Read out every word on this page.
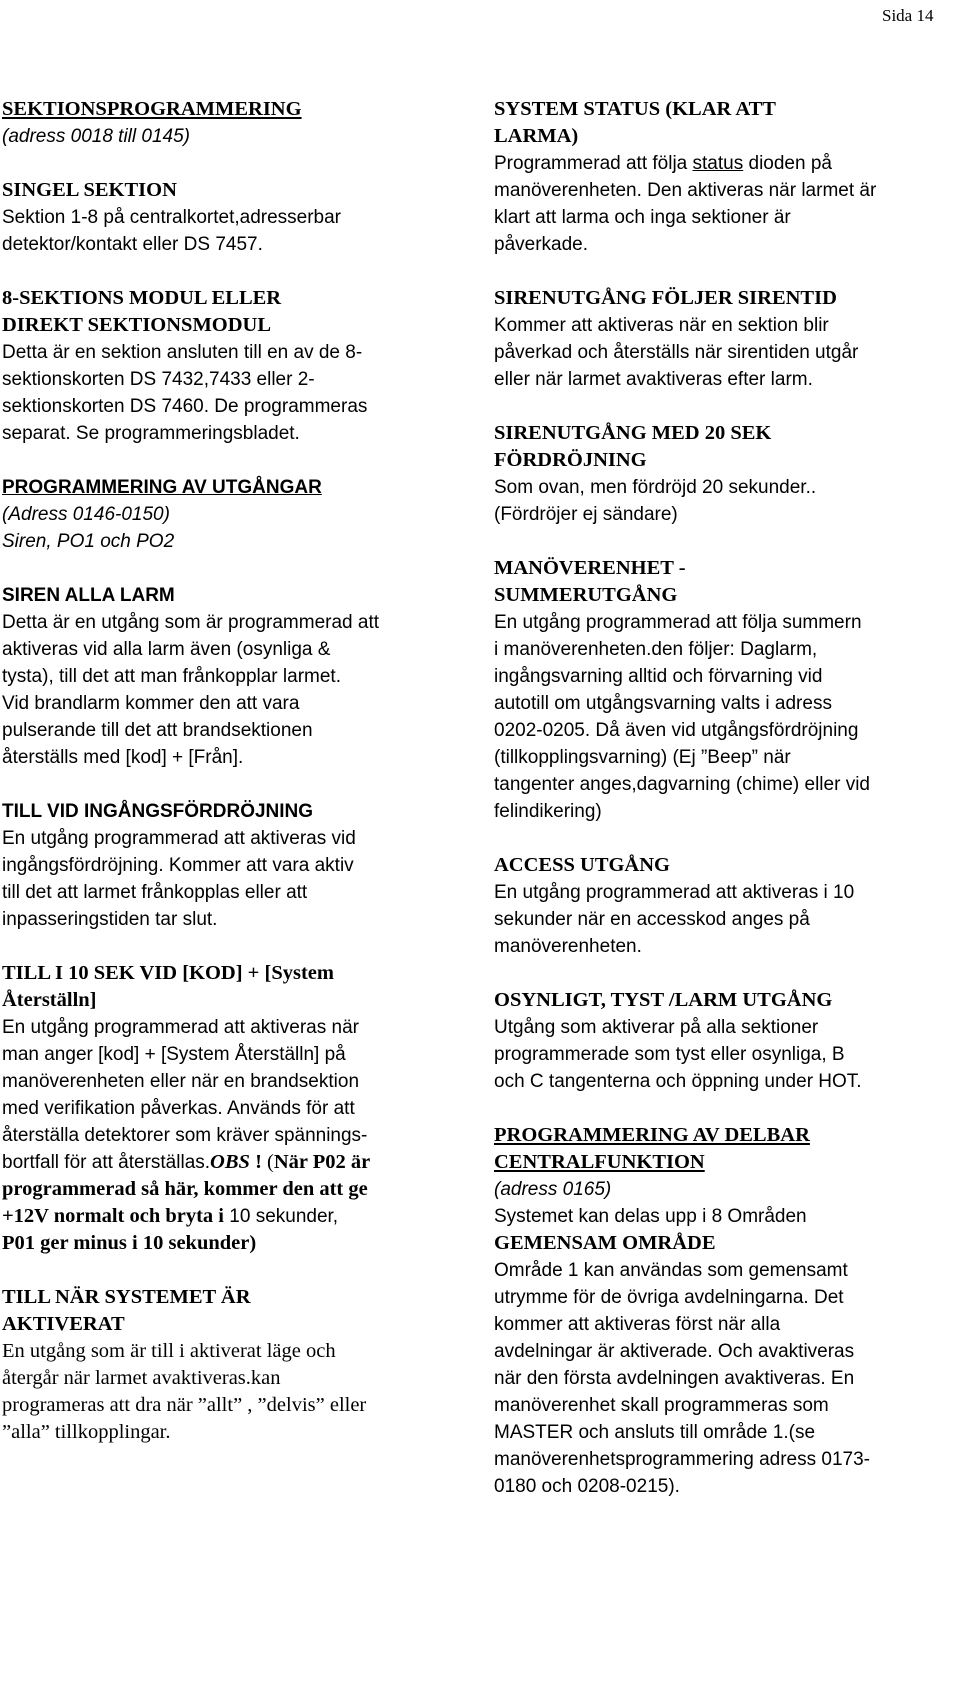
Sida 14
SEKTIONSPROGRAMMERING
(adress 0018 till 0145)
SINGEL SEKTION
Sektion 1-8 på centralkortet,adresserbar
detektor/kontakt eller DS 7457.
8-SEKTIONS MODUL ELLER
DIREKT SEKTIONSMODUL
Detta är en sektion ansluten till en av de 8-
sektionskorten DS 7432,7433 eller 2-
sektionskorten DS 7460. De programmeras
separat. Se programmeringsbladet.
PROGRAMMERING AV UTGÅNGAR
(Adress 0146-0150)
Siren, PO1 och PO2
SIREN ALLA LARM
Detta är en utgång som är programmerad att
aktiveras vid alla larm även (osynliga &
tysta), till det att man frånkopplar larmet.
Vid brandlarm kommer den att vara
pulserande till det att brandsektionen
återställs med [kod] + [Från].
TILL VID INGÅNGSFÖRDRÖJNING
En utgång programmerad att aktiveras vid
ingångsfördröjning. Kommer att vara aktiv
till det att larmet frånkopplas eller att
inpasseringstiden tar slut.
TILL I 10 SEK VID [KOD] + [System
Återställn]
En utgång programmerad att aktiveras när
man anger [kod] + [System Återställn] på
manöverenheten eller när en brandsektion
med verifikation påverkas. Används för att
återställa detektorer som kräver spännings-
bortfall för att återställas.OBS ! (När P02 är
programmerad så här, kommer den att ge
+12V normalt och bryta i 10 sekunder,
P01 ger minus i 10 sekunder)
TILL NÄR SYSTEMET ÄR
AKTIVERAT
En utgång som är till i aktiverat läge och
återgår när larmet avaktiveras.kan
programeras att dra när ”allt” , ”delvis” eller
”alla” tillkopplingar.
SYSTEM STATUS (KLAR ATT
LARMA)
Programmerad att följa status dioden på
manöverenheten. Den aktiveras när larmet är
klart att larma och inga sektioner är
påverkade.
SIRENUTGÅNG FÖLJER SIRENTID
Kommer att aktiveras när en sektion blir
påverkad och återställs när sirentiden utgår
eller när larmet avaktiveras efter larm.
SIRENUTGÅNG MED 20 SEK
FÖRDRÖJNING
Som ovan, men fördröjd 20 sekunder..
(Fördröjer ej sändare)
MANÖVERENHET -
SUMMERUTGÅNG
En utgång programmerad att följa summern
i manöverenheten.den följer: Daglarm,
ingångsvarning alltid och förvarning vid
autotill om utgångsvarning valts i adress
0202-0205. Då även vid utgångsfördröjning
(tillkopplingsvarning) (Ej ”Beep” när
tangenter anges,dagvarning (chime) eller vid
felindikering)
ACCESS UTGÅNG
En utgång programmerad att aktiveras i 10
sekunder när en accesskod anges på
manöverenheten.
OSYNLIGT, TYST /LARM UTGÅNG
Utgång som aktiverar på alla sektioner
programmerade som tyst eller osynliga, B
och C tangenterna och öppning under HOT.
PROGRAMMERING AV DELBAR
CENTRALFUNKTION
(adress 0165)
Systemet kan delas upp i 8 Områden
GEMENSAM OMRÅDE
Område 1 kan användas som gemensamt
utrymme för de övriga avdelningarna. Det
kommer att aktiveras först när alla
avdelningar är aktiverade. Och avaktiveras
när den första avdelningen avaktiveras. En
manöverenhet skall programmeras som
MASTER och ansluts till område 1.(se
manöverenhetsprogrammering adress 0173-
0180 och 0208-0215).
